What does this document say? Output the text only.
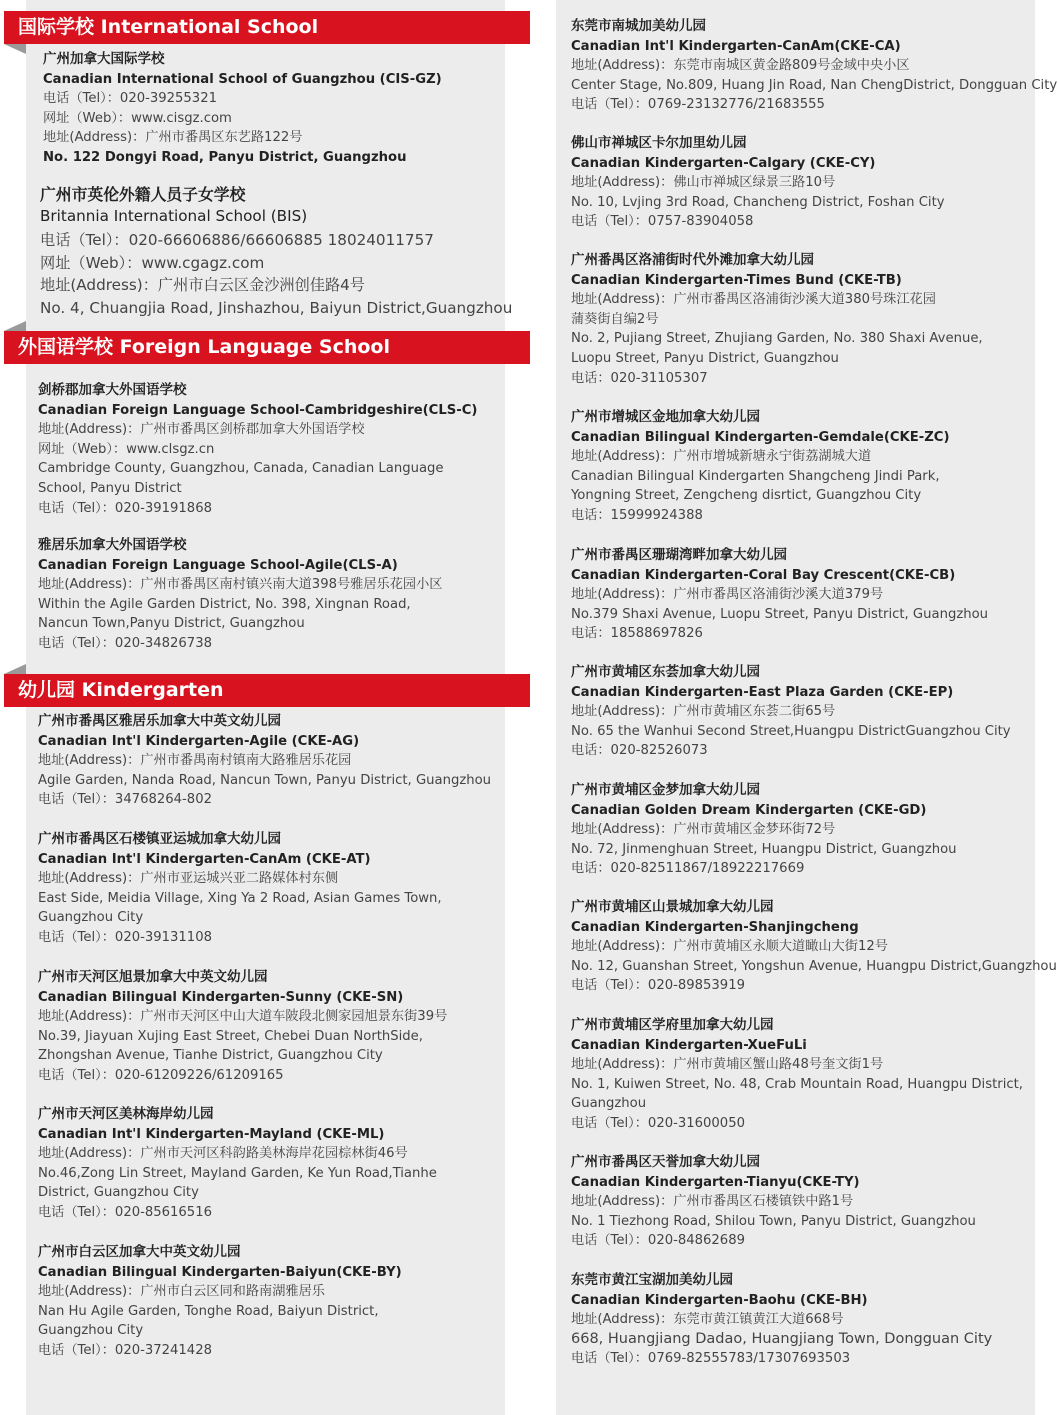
国际学校 International School
外国语学校 Foreign Language School
幼儿园 Kindergarten
广州加拿大国际学校
Canadian International School of Guangzhou (CIS-GZ)
电话（Tel）：020-39255321
网址（Web）：www.cisgz.com
地址(Address)：广州市番禺区东艺路122号
No. 122 Dongyi Road, Panyu District, Guangzhou
广州市英伦外籍人员子女学校
Britannia International School (BIS)
电话（Tel）：020-66606886/66606885 18024011757
网址（Web）：www.cgagz.com
地址(Address)：广州市白云区金沙洲创佳路4号
No. 4, Chuangjia Road, Jinshazhou, Baiyun District,Guangzhou
剑桥郡加拿大外国语学校
Canadian Foreign Language School-Cambridgeshire(CLS-C)
地址(Address)：广州市番禺区剑桥郡加拿大外国语学校
网址（Web）：www.clsgz.cn
Cambridge County, Guangzhou, Canada, Canadian Language
School, Panyu District
电话（Tel）：020-39191868
雅居乐加拿大外国语学校
Canadian Foreign Language School-Agile(CLS-A)
地址(Address)：广州市番禺区南村镇兴南大道398号雅居乐花园小区
Within the Agile Garden District, No. 398, Xingnan Road,
Nancun Town,Panyu District, Guangzhou
电话（Tel）：020-34826738
广州市番禺区雅居乐加拿大中英文幼儿园
Canadian Int'l Kindergarten-Agile (CKE-AG)
地址(Address)：广州市番禺南村镇南大路雅居乐花园
Agile Garden, Nanda Road, Nancun Town, Panyu District, Guangzhou
电话（Tel）：34768264-802
广州市番禺区石楼镇亚运城加拿大幼儿园
Canadian Int'l Kindergarten-CanAm (CKE-AT)
地址(Address)：广州市亚运城兴亚二路媒体村东侧
East Side, Meidia Village, Xing Ya 2 Road, Asian Games Town,
Guangzhou City
电话（Tel）：020-39131108
广州市天河区旭景加拿大中英文幼儿园
Canadian Bilingual Kindergarten-Sunny (CKE-SN)
地址(Address)：广州市天河区中山大道车陂段北侧家园旭景东街39号
No.39, Jiayuan Xujing East Street, Chebei Duan NorthSide,
Zhongshan Avenue, Tianhe District, Guangzhou City
电话（Tel）：020-61209226/61209165
广州市天河区美林海岸幼儿园
Canadian Int'l Kindergarten-Mayland (CKE-ML)
地址(Address)：广州市天河区科韵路美林海岸花园棕林街46号
No.46,Zong Lin Street, Mayland Garden, Ke Yun Road,Tianhe
District, Guangzhou City
电话（Tel）：020-85616516
广州市白云区加拿大中英文幼儿园
Canadian Bilingual Kindergarten-Baiyun(CKE-BY)
地址(Address)：广州市白云区同和路南湖雅居乐
Nan Hu Agile Garden, Tonghe Road, Baiyun District,
Guangzhou City
电话（Tel）：020-37241428
东莞市南城加美幼儿园
Canadian Int'l Kindergarten-CanAm(CKE-CA)
地址(Address)：东莞市南城区黄金路809号金域中央小区
Center Stage, No.809, Huang Jin Road, Nan ChengDistrict, Dongguan City
电话（Tel）：0769-23132776/21683555
佛山市禅城区卡尔加里幼儿园
Canadian Kindergarten-Calgary (CKE-CY)
地址(Address)：佛山市禅城区绿景三路10号
No. 10, Lvjing 3rd Road, Chancheng District, Foshan City
电话（Tel）：0757-83904058
广州番禺区洛浦街时代外滩加拿大幼儿园
Canadian Kindergarten-Times Bund (CKE-TB)
地址(Address)：广州市番禺区洛浦街沙溪大道380号珠江花园
蒲葵街自编2号
No. 2, Pujiang Street, Zhujiang Garden, No. 380 Shaxi Avenue,
Luopu Street, Panyu District, Guangzhou
电话：020-31105307
广州市增城区金地加拿大幼儿园
Canadian Bilingual Kindergarten-Gemdale(CKE-ZC)
地址(Address)：广州市增城新塘永宁街荔湖城大道
Canadian Bilingual Kindergarten Shangcheng Jindi Park,
Yongning Street, Zengcheng disrtict, Guangzhou City
电话：15999924388
广州市番禺区珊瑚湾畔加拿大幼儿园
Canadian Kindergarten-Coral Bay Crescent(CKE-CB)
地址(Address)：广州市番禺区洛浦街沙溪大道379号
No.379 Shaxi Avenue, Luopu Street, Panyu District, Guangzhou
电话：18588697826
广州市黄埔区东荟加拿大幼儿园
Canadian Kindergarten-East Plaza Garden (CKE-EP)
地址(Address)：广州市黄埔区东荟二街65号
No. 65 the Wanhui Second Street,Huangpu DistrictGuangzhou City
电话：020-82526073
广州市黄埔区金梦加拿大幼儿园
Canadian Golden Dream Kindergarten (CKE-GD)
地址(Address)：广州市黄埔区金梦环街72号
No. 72, Jinmenghuan Street, Huangpu District, Guangzhou
电话：020-82511867/18922217669
广州市黄埔区山景城加拿大幼儿园
Canadian Kindergarten-Shanjingcheng
地址(Address)：广州市黄埔区永顺大道瞰山大街12号
No. 12, Guanshan Street, Yongshun Avenue, Huangpu District,Guangzhou
电话（Tel）：020-89853919
广州市黄埔区学府里加拿大幼儿园
Canadian Kindergarten-XueFuLi
地址(Address)：广州市黄埔区蟹山路48号奎文街1号
No. 1, Kuiwen Street, No. 48, Crab Mountain Road, Huangpu District,
Guangzhou
电话（Tel）：020-31600050
广州市番禺区天誉加拿大幼儿园
Canadian Kindergarten-Tianyu(CKE-TY)
地址(Address)：广州市番禺区石楼镇铁中路1号
No. 1 Tiezhong Road, Shilou Town, Panyu District, Guangzhou
电话（Tel）：020-84862689
东莞市黄江宝湖加美幼儿园
Canadian Kindergarten-Baohu (CKE-BH)
地址(Address)：东莞市黄江镇黄江大道668号
668, Huangjiang Dadao, Huangjiang Town, Dongguan City
电话（Tel）：0769-82555783/17307693503
